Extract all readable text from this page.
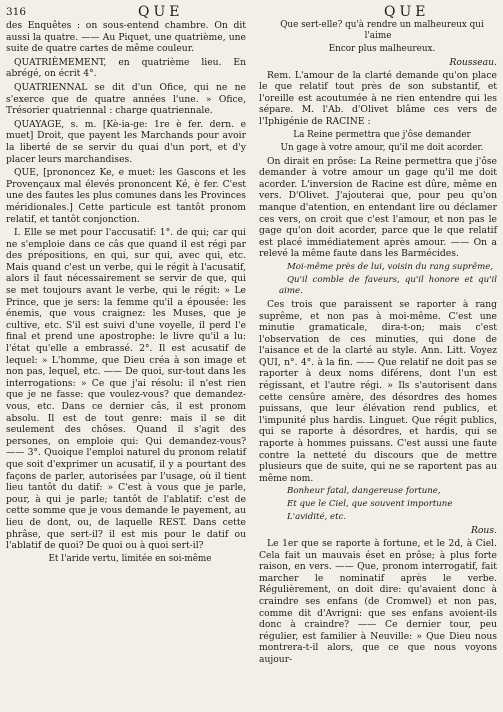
316	QUE	QUE

des Enquêtes : on sous-entend chambre. On dit aussi la quatre. —— Au Piquet, une quatrième, une suite de quatre cartes de même couleur.

QUATRIÈMEMENT, en quatrième lieu. En abrégé, on écrit 4°.

QUATRIENNAL se dit d'un Ofice, qui ne ne s'exerce que de quatre années l'une. » Ofice, Trésorier quatriennal : charge quatriennale.

QUAYAGE, s. m. [Kè-ia-ge: 1re è fer. dern. e muet] Droit, que payent les Marchands pour avoir la liberté de se servir du quai d'un port, et d'y placer leurs marchandises.

QUE, [prononcez Ke, e muet: les Gascons et les Provençaux mal élevés prononcent Ké, è fer. C'est une des fautes les plus comunes dans les Provinces méridionales.] Cette particule est tantôt pronom relatif, et tantôt conjonction.

I. Elle se met pour l'accusatif: 1°. de qui; car qui ne s'emploie dans ce câs que quand il est régi par des prépositions, en qui, sur qui, avec qui, etc. Mais quand c'est un verbe, qui le régit à l'acusatif, alors il faut nécessairement se servir de que, qui se met toujours avant le verbe, qui le régit: » Le Prince, que je sers: la femme qu'il a épousée: les énemis, que vous craignez: les Muses, que je cultive, etc. S'il est suivi d'une voyelle, il perd l'e final et prend une apostrophe: le livre qu'il a lu: l'état qu'elle a embrassé. 2°. Il est acusatif de lequel: » L'homme, que Dieu créa à son image et non pas, lequel, etc. —— De quoi, sur-tout dans les interrogations: » Ce que j'ai résolu: il n'est rien que je ne fasse: que voulez-vous? que demandez-vous, etc. Dans ce dernier câs, il est pronom absolu. Il est de tout genre: mais il se dit seulement des chôses. Quand il s'agit des persones, on emploie qui: Qui demandez-vous? —— 3°. Quoique l'emploi naturel du pronom relatif que soit d'exprimer un acusatif, il y a pourtant des façons de parler, autorisées par l'usage, où il tient lieu tantôt du datif: » C'est à vous que je parle, pour, à qui je parle; tantôt de l'ablatif: c'est de cette somme que je vous demande le payement, au lieu de dont, ou, de laquelle REST. Dans cette phrâse, que sert-il? il est mis pour le datif ou l'ablatif de quoi? De quoi ou à quoi sert-il?

Et l'aride vertu, limitée en soi-même

Que sert-elle? qu'à rendre un malheureux qui l'aime

Encor plus malheureux.

Rousseau.

Rem. L'amour de la clarté demande qu'on place le que relatif tout près de son substantif, et l'oreille est acoutumée à ne rien entendre qui les sépare. M. l'Ab. d'Olivet blâme ces vers de l'Iphigénie de RACINE :

La Reine permettra que j'ôse demander

Un gage à votre amour, qu'il me doit acorder.

On dirait en prôse: La Reine permettra que j'ôse demander à votre amour un gage qu'il me doit acorder. L'inversion de Racine est dûre, même en vers. D'Olivet. J'ajouterai que, pour peu qu'on manque d'atention, en entendant lire ou déclamer ces vers, on croit que c'est l'amour, et non pas le gage qu'on doit acorder, parce que le que relatif est placé immédiatement après amour. —— On a relevé la même faute dans les Barmécides.

Moi-même près de lui, voisin du rang suprême,

Qu'il comble de faveurs, qu'il honore et qu'il aime.

Ces trois que paraissent se raporter à rang suprême, et non pas à moi-même. C'est une minutie gramaticale, dira-t-on; mais c'est l'observation de ces minuties, qui done de l'aisance et de la clarté au style. Ann. Litt. Voyez QUI, n°. 4°. à la fin. —— Que relatif ne doit pas se raporter à deux noms diférens, dont l'un est régissant, et l'autre régi. » Ils s'autorisent dans cette censûre amère, des désordres des homes puissans, que leur élévation rend publics, et l'impunité plus hardis. Linguet. Que régit publics, qui se raporte à désordres, et hardis, qui se raporte à hommes puissans. C'est aussi une faute contre la netteté du discours que de mettre plusieurs que de suite, qui ne se raportent pas au même nom.

Bonheur fatal, dangereuse fortune,

Et que le Ciel, que souvent importune

L'avidité, etc.

Rous.

Le 1er que se raporte à fortune, et le 2d, à Ciel. Cela fait un mauvais éset en prôse; à plus forte raison, en vers. —— Que, pronom interrogatif, fait marcher le nominatif après le verbe. Régulièrement, on doit dire: qu'avaient donc à craindre ses enfans (de Cromwel) et non pas, comme dit d'Avrigni: que ses enfans avoient-ils donc à craindre? —— Ce dernier tour, peu régulier, est familier à Neuville: » Que Dieu nous montrera-t-il alors, que ce que nous voyons aujour-
